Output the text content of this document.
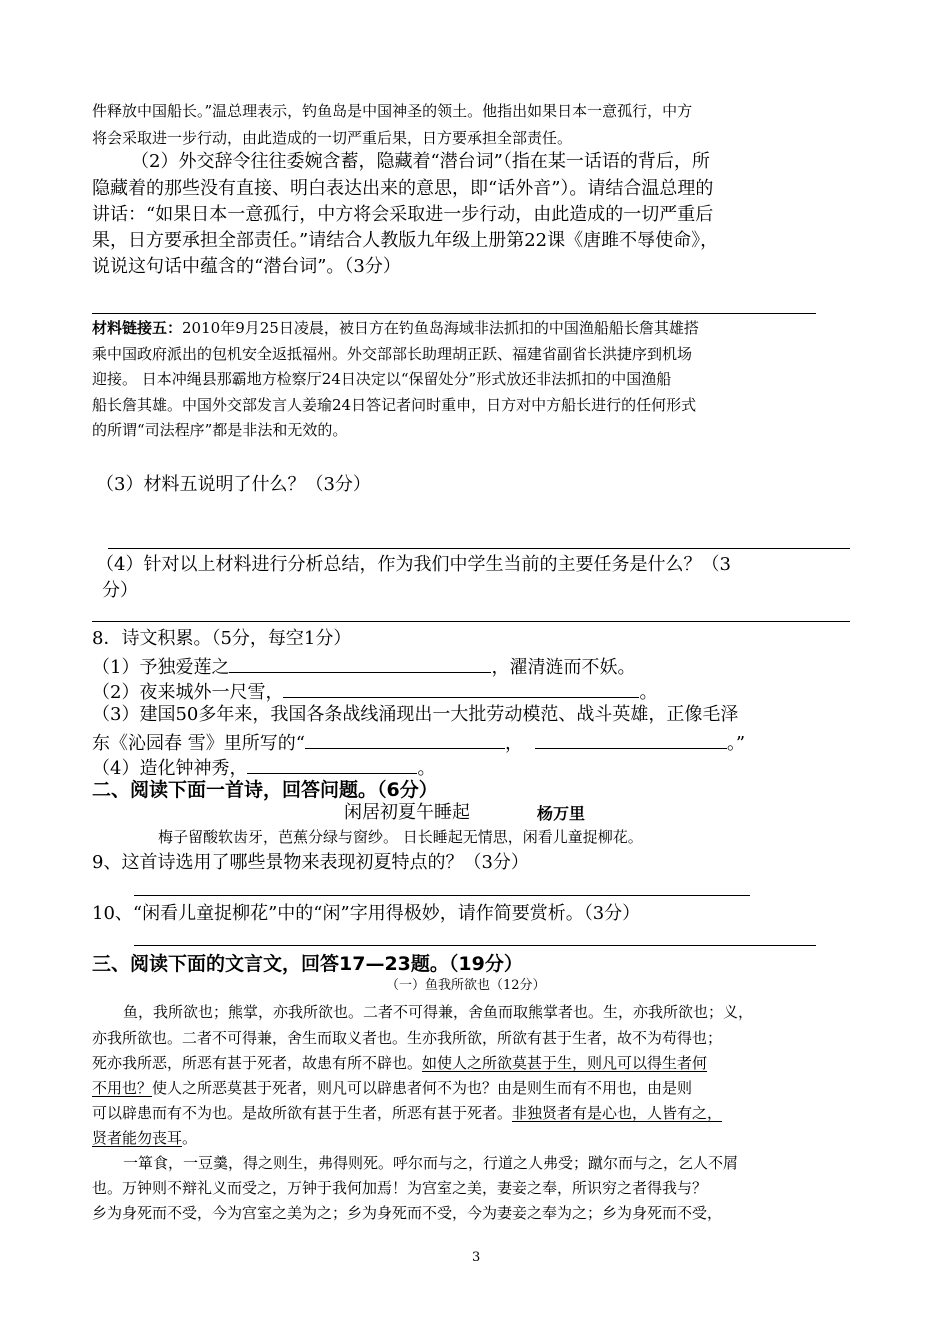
件释放中国船长。”温总理表示，钓鱼岛是中国神圣的领土。他指出如果日本一意孤行，中方
将会采取进一步行动，由此造成的一切严重后果，日方要承担全部责任。
（2）外交辞令往往委婉含蓄，隐藏着“潜台词”（指在某一话语的背后，所
隐藏着的那些没有直接、明白表达出来的意思，即“话外音”）。请结合温总理的
讲话：“如果日本一意孤行，中方将会采取进一步行动，由此造成的一切严重后
果，日方要承担全部责任。”请结合人教版九年级上册第22课《唐雎不辱使命》，
说说这句话中蕴含的“潜台词”。（3分）
材料链接五：2010年9月25日凌晨，被日方在钓鱼岛海域非法抓扣的中国渔船船长詹其雄搭
乘中国政府派出的包机安全返抵福州。外交部部长助理胡正跃、福建省副省长洪捷序到机场
迎接。 日本冲绳县那霸地方检察厅24日决定以“保留处分”形式放还非法抓扣的中国渔船
船长詹其雄。中国外交部发言人姜瑜24日答记者问时重申，日方对中方船长进行的任何形式
的所谓“司法程序”都是非法和无效的。
（3）材料五说明了什么？（3分）
（4）针对以上材料进行分析总结，作为我们中学生当前的主要任务是什么？（3
分）
8．诗文积累。（5分，每空1分）
（1）予独爱莲之	，濯清涟而不妖。
（2）夜来城外一尺雪，	。
（3）建国50多年来，我国各条战线涌现出一大批劳动模范、战斗英雄，正像毛泽
东《沁园春 雪》里所写的“	，	。”
（4）造化钟神秀，	。
二、阅读下面一首诗，回答问题。（6分）
闲居初夏午睡起	杨万里
梅子留酸软齿牙，芭蕉分绿与窗纱。 日长睡起无情思，闲看儿童捉柳花。
9、这首诗选用了哪些景物来表现初夏特点的？（3分）
10、“闲看儿童捉柳花”中的“闲”字用得极妙，请作简要赏析。（3分）
三、阅读下面的文言文，回答17—23题。（19分）
（一）鱼我所欲也（12分）
鱼，我所欲也；熊掌，亦我所欲也。二者不可得兼，舍鱼而取熊掌者也。生，亦我所欲也；义，
亦我所欲也。二者不可得兼，舍生而取义者也。生亦我所欲，所欲有甚于生者，故不为苟得也；
死亦我所恶，所恶有甚于死者，故患有所不辟也。如使人之所欲莫甚于生，则凡可以得生者何
不用也？使人之所恶莫甚于死者，则凡可以辟患者何不为也？由是则生而有不用也，由是则
可以辟患而有不为也。是故所欲有甚于生者，所恶有甚于死者。非独贤者有是心也，人皆有之，
贤者能勿丧耳。
一箪食，一豆羹，得之则生，弗得则死。呼尔而与之，行道之人弗受；蹴尔而与之，乞人不屑
也。万钟则不辩礼义而受之，万钟于我何加焉！为宫室之美，妻妾之奉，所识穷之者得我与？
乡为身死而不受，今为宫室之美为之；乡为身死而不受，今为妻妾之奉为之；乡为身死而不受，
3
